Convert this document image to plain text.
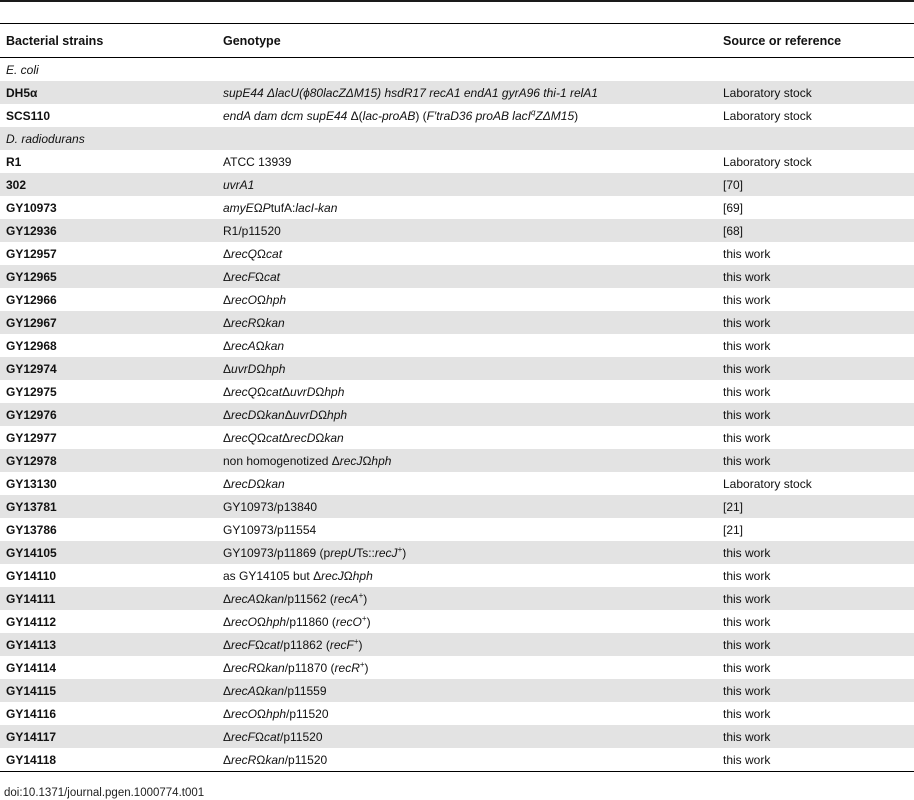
Bacterial strains	Genotype	Source or reference
E. coli
DH5α	supE44 ΔlacU(ϕ80lacZΔM15) hsdR17 recA1 endA1 gyrA96 thi-1 relA1	Laboratory stock
SCS110	endA dam dcm supE44 Δ(lac-proAB) (F′traD36 proAB lacI$^q$ZΔM15)	Laboratory stock
D. radiodurans
R1	ATCC 13939	Laboratory stock
302	uvrA1	[70]
GY10973	amyEΩPtufA:lacI-kan	[69]
GY12936	R1/p11520	[68]
GY12957	ΔrecQΩcat	this work
GY12965	ΔrecFΩcat	this work
GY12966	ΔrecOΩhph	this work
GY12967	ΔrecRΩkan	this work
GY12968	ΔrecAΩkan	this work
GY12974	ΔuvrDΩhph	this work
GY12975	ΔrecQΩcatΔuvrDΩhph	this work
GY12976	ΔrecDΩkanΔuvrDΩhph	this work
GY12977	ΔrecQΩcatΔrecDΩkan	this work
GY12978	non homogenotized ΔrecJΩhph	this work
GY13130	ΔrecDΩkan	Laboratory stock
GY13781	GY10973/p13840	[21]
GY13786	GY10973/p11554	[21]
GY14105	GY10973/p11869 (prepUTs::recJ+)	this work
GY14110	as GY14105 but ΔrecJΩhph	this work
GY14111	ΔrecAΩkan/p11562 (recA+)	this work
GY14112	ΔrecOΩhph/p11860 (recO+)	this work
GY14113	ΔrecFΩcat/p11862 (recF+)	this work
GY14114	ΔrecRΩkan/p11870 (recR+)	this work
GY14115	ΔrecAΩkan/p11559	this work
GY14116	ΔrecOΩhph/p11520	this work
GY14117	ΔrecFΩcat/p11520	this work
GY14118	ΔrecRΩkan/p11520	this work
doi:10.1371/journal.pgen.1000774.t001
